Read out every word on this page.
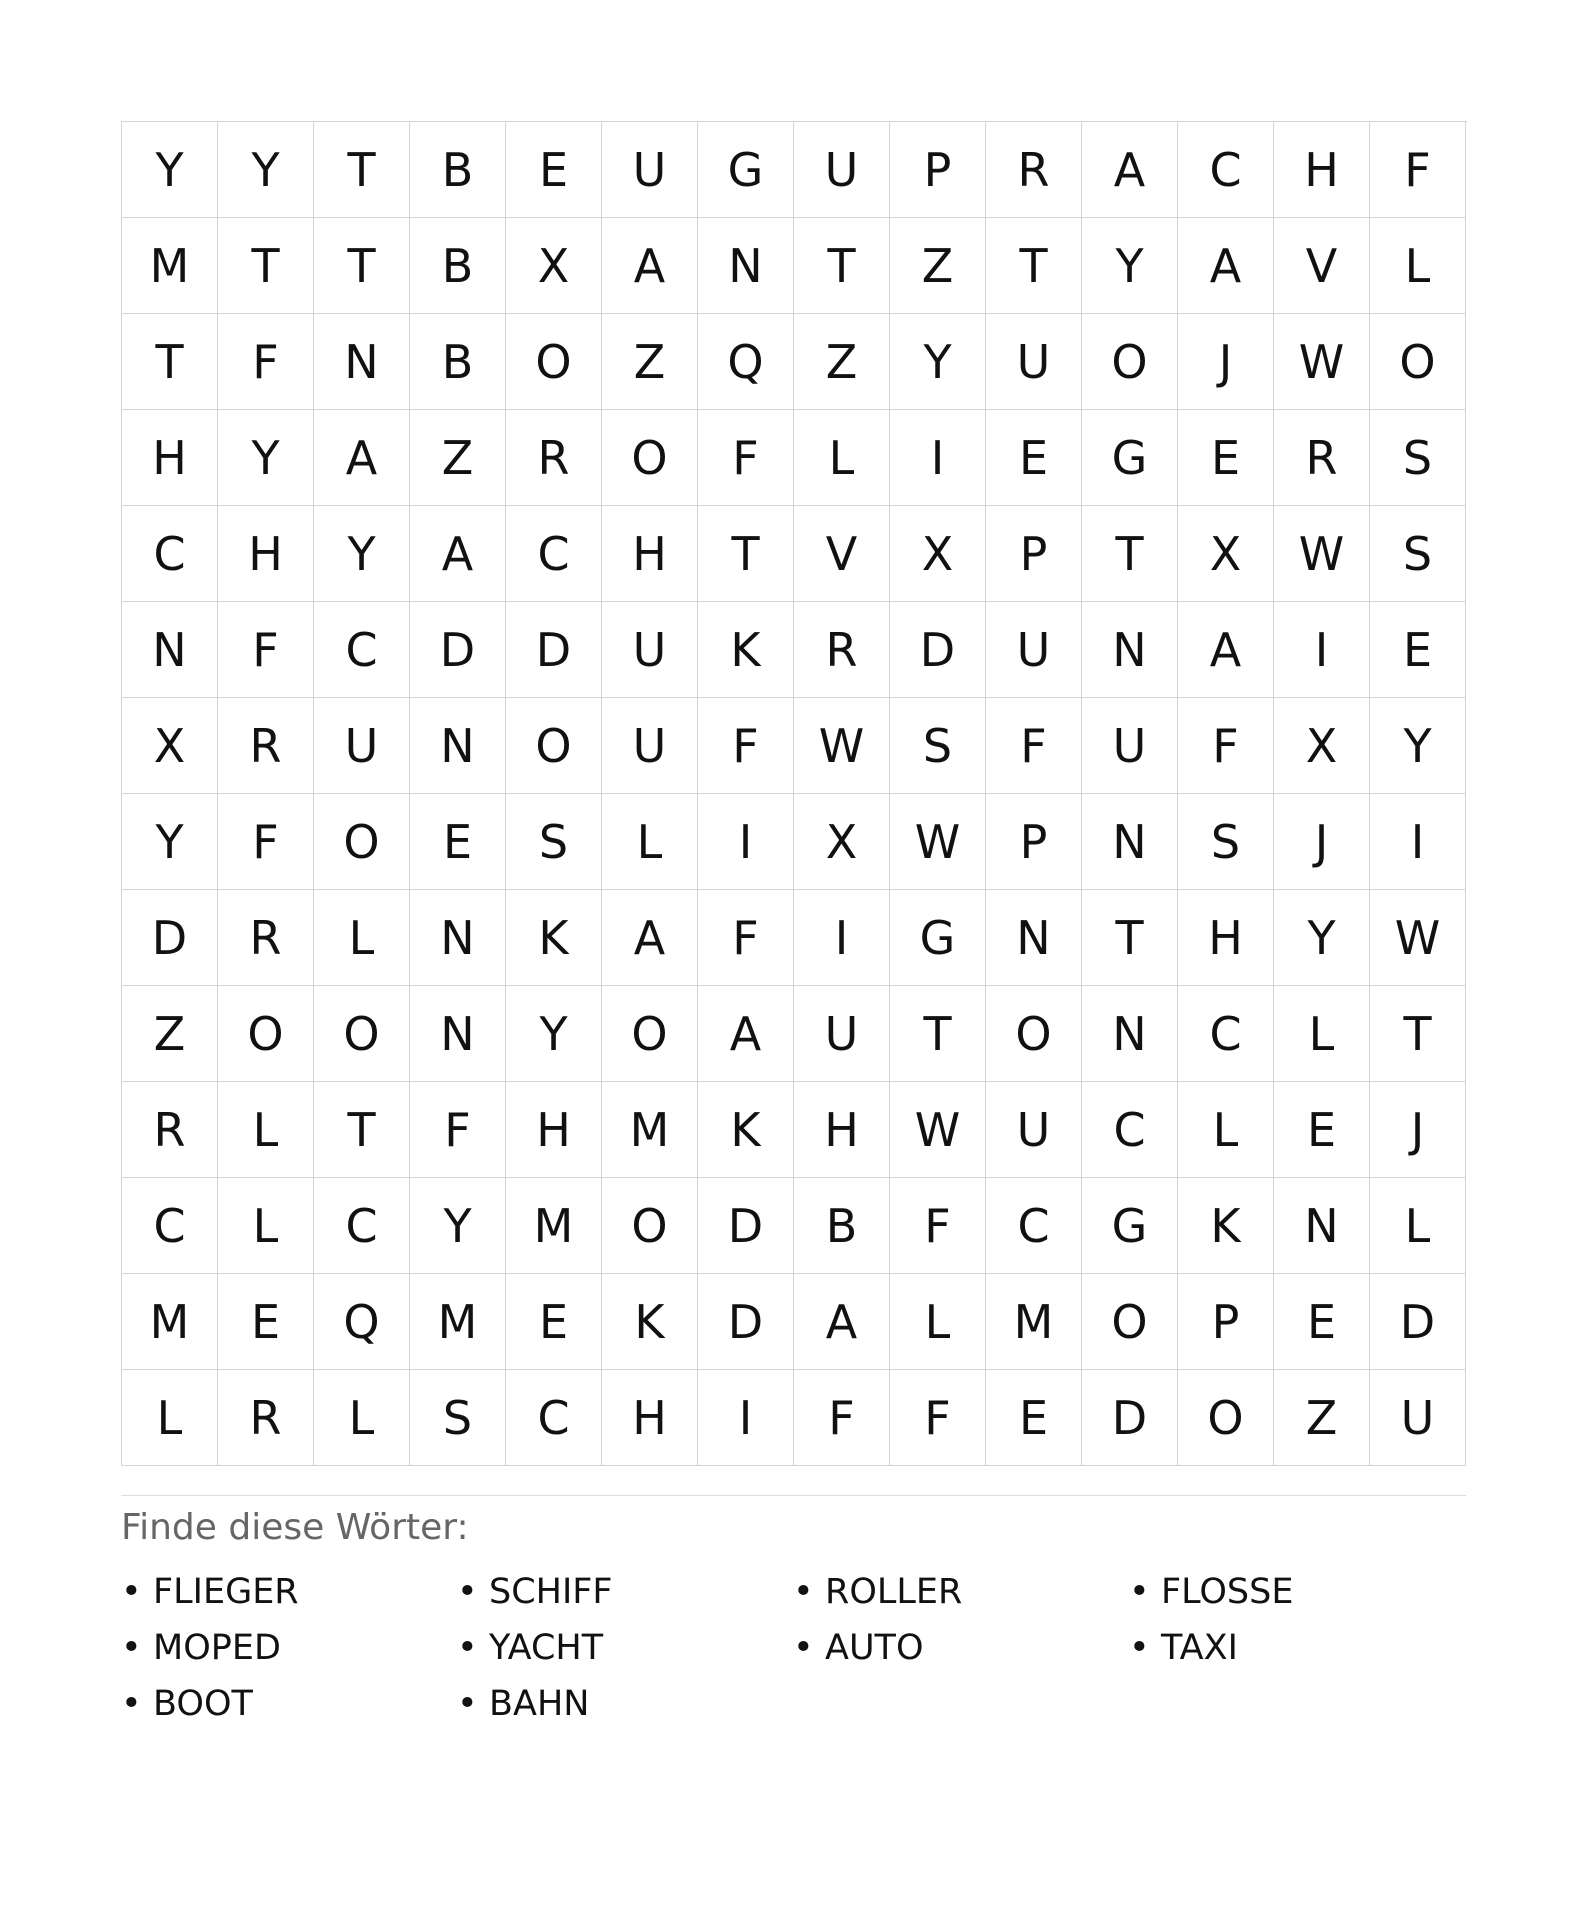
Y	Y	T	B	E	U	G	U	P	R	A	C	H	F
M	T	T	B	X	A	N	T	Z	T	Y	A	V	L
T	F	N	B	O	Z	Q	Z	Y	U	O	J	W	O
H	Y	A	Z	R	O	F	L	I	E	G	E	R	S
C	H	Y	A	C	H	T	V	X	P	T	X	W	S
N	F	C	D	D	U	K	R	D	U	N	A	I	E
X	R	U	N	O	U	F	W	S	F	U	F	X	Y
Y	F	O	E	S	L	I	X	W	P	N	S	J	I
D	R	L	N	K	A	F	I	G	N	T	H	Y	W
Z	O	O	N	Y	O	A	U	T	O	N	C	L	T
R	L	T	F	H	M	K	H	W	U	C	L	E	J
C	L	C	Y	M	O	D	B	F	C	G	K	N	L
M	E	Q	M	E	K	D	A	L	M	O	P	E	D
L	R	L	S	C	H	I	F	F	E	D	O	Z	U
Finde diese Wörter:
• FLIEGER	• SCHIFF	• ROLLER	• FLOSSE
• MOPED	• YACHT	• AUTO	• TAXI
• BOOT	• BAHN
